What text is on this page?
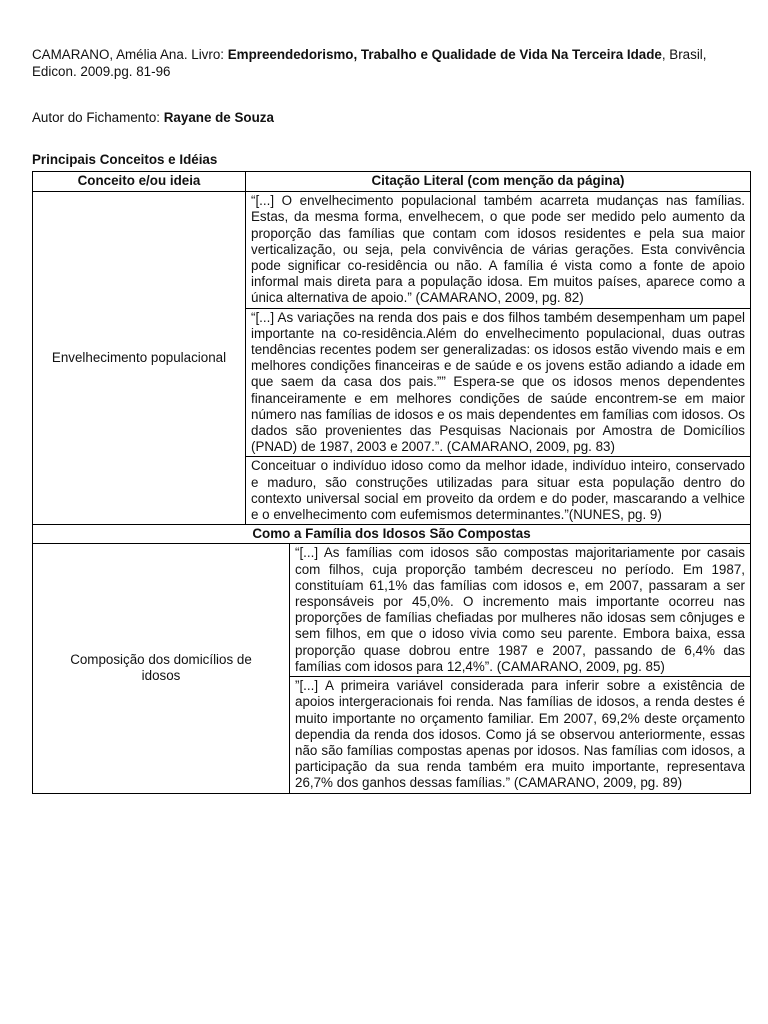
CAMARANO, Amélia Ana. Livro: Empreendedorismo, Trabalho e Qualidade de Vida Na Terceira Idade, Brasil, Edicon. 2009.pg. 81-96
Autor do Fichamento: Rayane de Souza
Principais Conceitos e Idéias
Conceito e/ou ideia	Citação Literal (com menção da página)	
Envelhecimento populacional	“[...] O envelhecimento populacional também acarreta mudanças nas famílias. Estas, da mesma forma, envelhecem, o que pode ser medido pelo aumento da proporção das famílias que contam com idosos residentes e pela sua maior verticalização, ou seja, pela convivência de várias gerações. Esta convivência pode significar co-residência ou não. A família é vista como a fonte de apoio informal mais direta para a população idosa. Em muitos países, aparece como a única alternativa de apoio.” (CAMARANO, 2009, pg. 82)	
	“[...] As variações na renda dos pais e dos filhos também desempenham um papel importante na co-residência.Além do envelhecimento populacional, duas outras tendências recentes podem ser generalizadas: os idosos estão vivendo mais e em melhores condições financeiras e de saúde e os jovens estão adiando a idade em que saem da casa dos pais.”” Espera-se que os idosos menos dependentes financeiramente e em melhores condições de saúde encontrem-se em maior número nas famílias de idosos e os mais dependentes em famílias com idosos. Os dados são provenientes das Pesquisas Nacionais por Amostra de Domicílios (PNAD) de 1987, 2003 e 2007.”. (CAMARANO, 2009, pg. 83)	
	Conceituar o indivíduo idoso como da melhor idade, indivíduo inteiro, conservado e maduro, são construções utilizadas para situar esta população dentro do contexto universal social em proveito da ordem e do poder, mascarando a velhice e o envelhecimento com eufemismos determinantes.”(NUNES, pg. 9)	
Como a Família dos Idosos São Compostas		
Composição dos domicílios de idosos		“[...] As famílias com idosos são compostas majoritariamente por casais com filhos, cuja proporção também decresceu no período. Em 1987, constituíam 61,1% das famílias com idosos e, em 2007, passaram a ser responsáveis por 45,0%. O incremento mais importante ocorreu nas proporções de famílias chefiadas por mulheres não idosas sem cônjuges e sem filhos, em que o idoso vivia como seu parente. Embora baixa, essa proporção quase dobrou entre 1987 e 2007, passando de 6,4% das famílias com idosos para 12,4%”. (CAMARANO, 2009, pg. 85)
		”[...] A primeira variável considerada para inferir sobre a existência de apoios intergeracionais foi renda. Nas famílias de idosos, a renda destes é muito importante no orçamento familiar. Em 2007, 69,2% deste orçamento dependia da renda dos idosos. Como já se observou anteriormente, essas não são famílias compostas apenas por idosos. Nas famílias com idosos, a participação da sua renda também era muito importante, representava 26,7% dos ganhos dessas famílias.” (CAMARANO, 2009, pg. 89)
